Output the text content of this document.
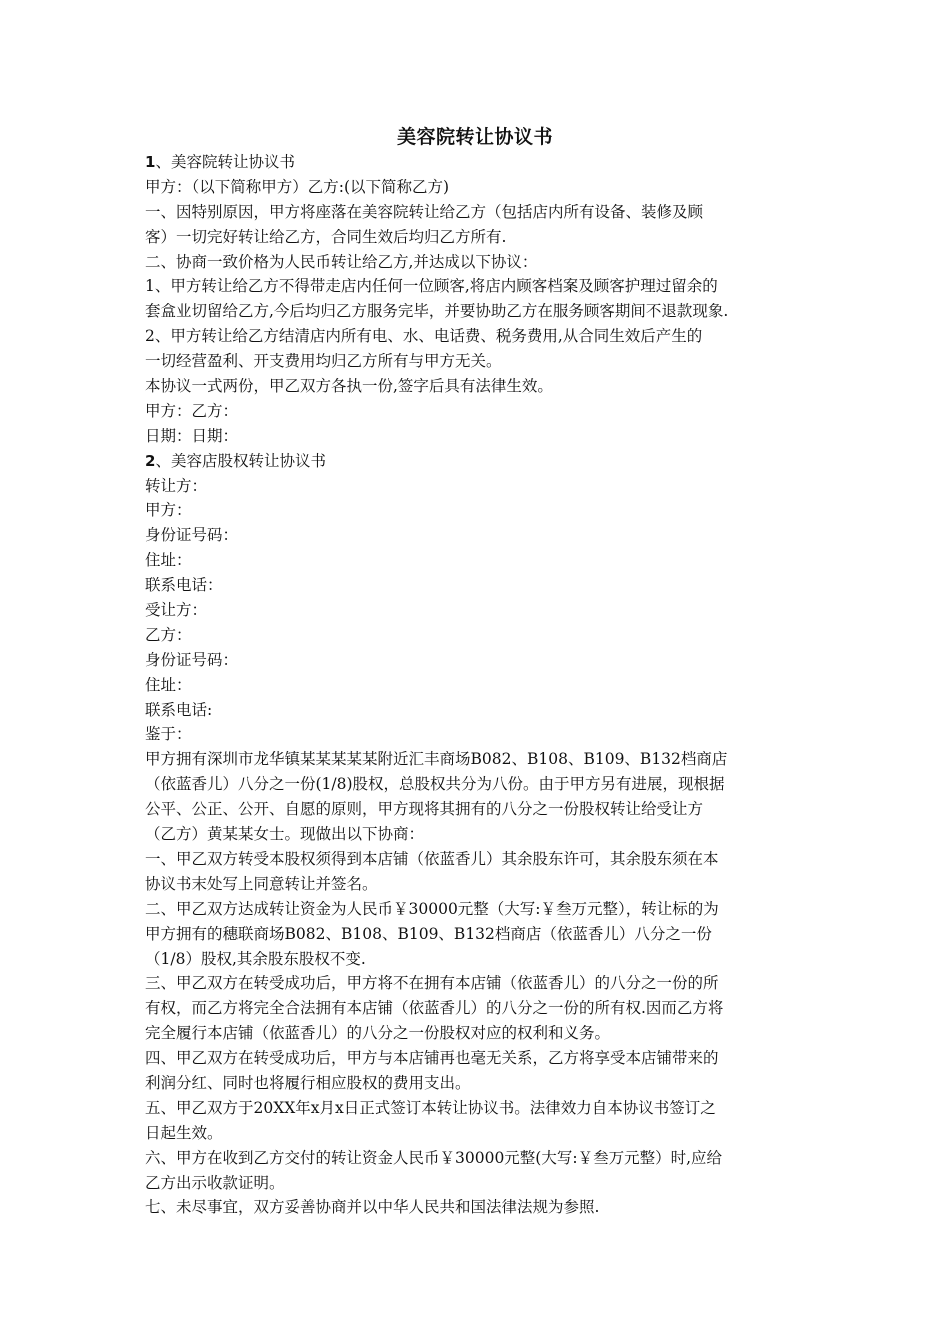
美容院转让协议书
1、美容院转让协议书
甲方：（以下简称甲方）乙方:(以下简称乙方)
一、因特别原因，甲方将座落在美容院转让给乙方（包括店内所有设备、装修及顾
客）一切完好转让给乙方，合同生效后均归乙方所有.
二、协商一致价格为人民币转让给乙方,并达成以下协议：
1、甲方转让给乙方不得带走店内任何一位顾客,将店内顾客档案及顾客护理过留余的
套盒业切留给乙方,今后均归乙方服务完毕，并要协助乙方在服务顾客期间不退款现象.
2、甲方转让给乙方结清店内所有电、水、电话费、税务费用,从合同生效后产生的
一切经营盈利、开支费用均归乙方所有与甲方无关。
本协议一式两份，甲乙双方各执一份,签字后具有法律生效。
甲方：乙方：
日期：日期：
2、美容店股权转让协议书
转让方：
甲方：
身份证号码：
住址：
联系电话：
受让方：
乙方：
身份证号码：
住址：
联系电话:
鉴于：
甲方拥有深圳市龙华镇某某某某某附近汇丰商场B082、B108、B109、B132档商店
（依蓝香儿）八分之一份(1/8)股权，总股权共分为八份。由于甲方另有进展，现根据
公平、公正、公开、自愿的原则，甲方现将其拥有的八分之一份股权转让给受让方
（乙方）黄某某女士。现做出以下协商：
一、甲乙双方转受本股权须得到本店铺（依蓝香儿）其余股东许可，其余股东须在本
协议书末处写上同意转让并签名。
二、甲乙双方达成转让资金为人民币￥30000元整（大写:￥叁万元整），转让标的为
甲方拥有的穗联商场B082、B108、B109、B132档商店（依蓝香儿）八分之一份
（1/8）股权,其余股东股权不变.
三、甲乙双方在转受成功后，甲方将不在拥有本店铺（依蓝香儿）的八分之一份的所
有权，而乙方将完全合法拥有本店铺（依蓝香儿）的八分之一份的所有权.因而乙方将
完全履行本店铺（依蓝香儿）的八分之一份股权对应的权利和义务。
四、甲乙双方在转受成功后，甲方与本店铺再也毫无关系，乙方将享受本店铺带来的
利润分红、同时也将履行相应股权的费用支出。
五、甲乙双方于20XX年x月x日正式签订本转让协议书。法律效力自本协议书签订之
日起生效。
六、甲方在收到乙方交付的转让资金人民币￥30000元整(大写:￥叁万元整）时,应给
乙方出示收款证明。
七、未尽事宜，双方妥善协商并以中华人民共和国法律法规为参照.
